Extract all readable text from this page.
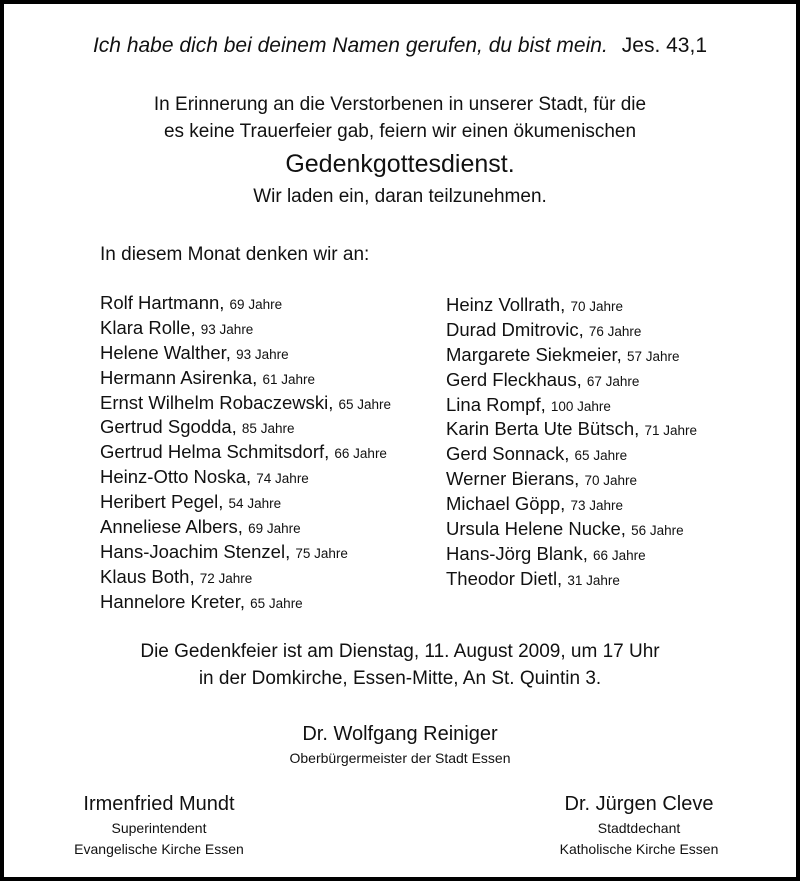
Ich habe dich bei deinem Namen gerufen, du bist mein. Jes. 43,1
In Erinnerung an die Verstorbenen in unserer Stadt, für die
es keine Trauerfeier gab, feiern wir einen ökumenischen
Gedenkgottesdienst.
Wir laden ein, daran teilzunehmen.
In diesem Monat denken wir an:
Rolf Hartmann, 69 Jahre
Klara Rolle, 93 Jahre
Helene Walther, 93 Jahre
Hermann Asirenka, 61 Jahre
Ernst Wilhelm Robaczewski, 65 Jahre
Gertrud Sgodda, 85 Jahre
Gertrud Helma Schmitsdorf, 66 Jahre
Heinz-Otto Noska, 74 Jahre
Heribert Pegel, 54 Jahre
Anneliese Albers, 69 Jahre
Hans-Joachim Stenzel, 75 Jahre
Klaus Both, 72 Jahre
Hannelore Kreter, 65 Jahre
Heinz Vollrath, 70 Jahre
Durad Dmitrovic, 76 Jahre
Margarete Siekmeier, 57 Jahre
Gerd Fleckhaus, 67 Jahre
Lina Rompf, 100 Jahre
Karin Berta Ute Bütsch, 71 Jahre
Gerd Sonnack, 65 Jahre
Werner Bierans, 70 Jahre
Michael Göpp, 73 Jahre
Ursula Helene Nucke, 56 Jahre
Hans-Jörg Blank, 66 Jahre
Theodor Dietl, 31 Jahre
Die Gedenkfeier ist am Dienstag, 11. August 2009, um 17 Uhr
in der Domkirche, Essen-Mitte, An St. Quintin 3.
Dr. Wolfgang Reiniger
Oberbürgermeister der Stadt Essen
Irmenfried Mundt
Superintendent
Evangelische Kirche Essen
Dr. Jürgen Cleve
Stadtdechant
Katholische Kirche Essen
